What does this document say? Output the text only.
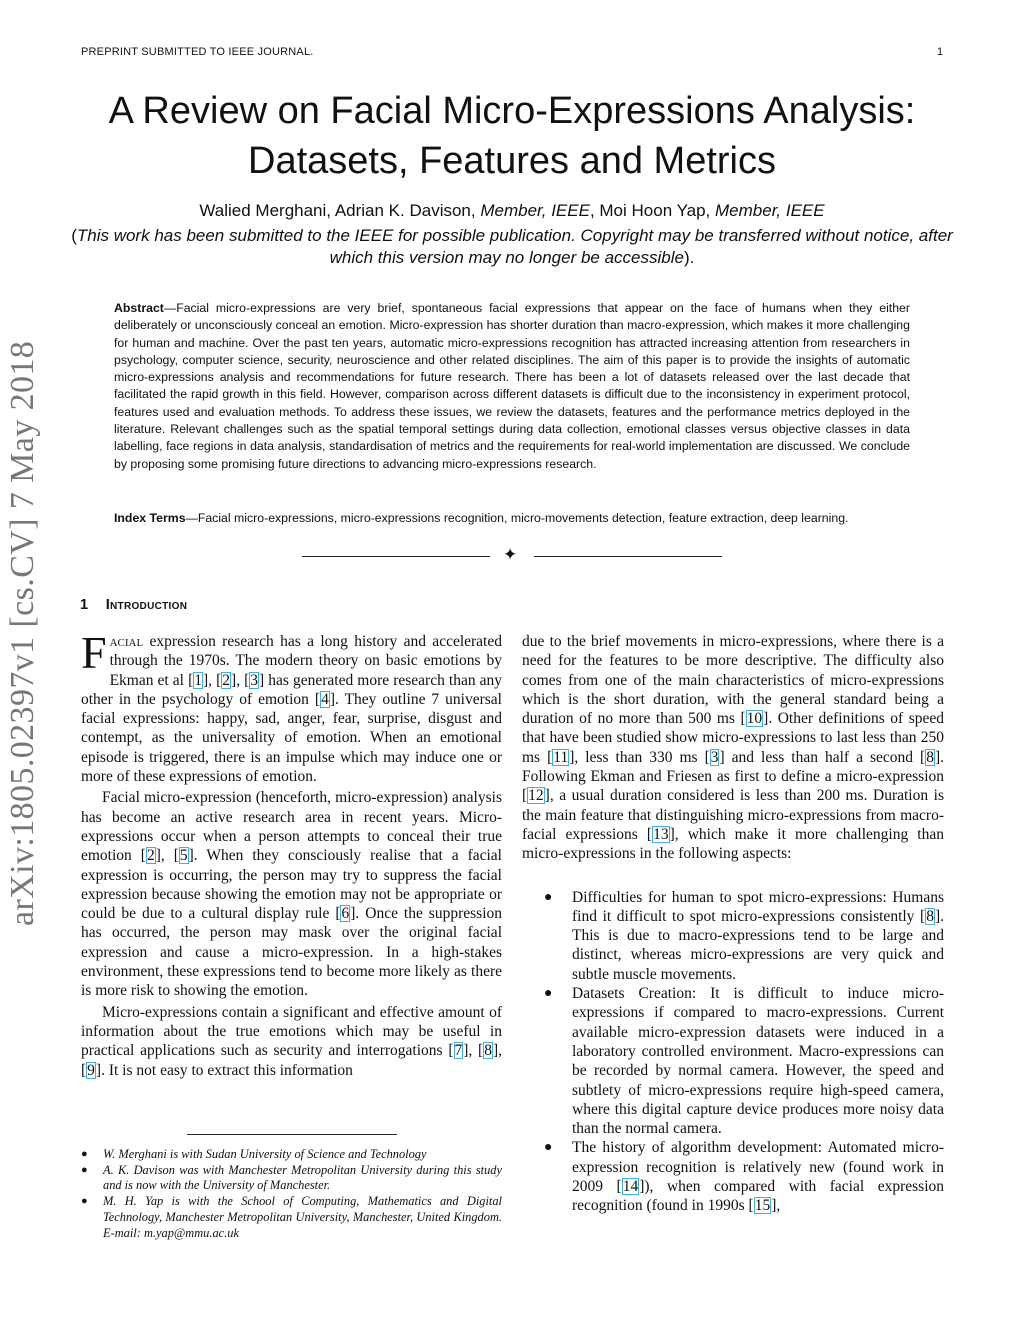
PREPRINT SUBMITTED TO IEEE JOURNAL.	1
A Review on Facial Micro-Expressions Analysis: Datasets, Features and Metrics
Walied Merghani, Adrian K. Davison, Member, IEEE, Moi Hoon Yap, Member, IEEE
(This work has been submitted to the IEEE for possible publication. Copyright may be transferred without notice, after which this version may no longer be accessible).
Abstract—Facial micro-expressions are very brief, spontaneous facial expressions that appear on the face of humans when they either deliberately or unconsciously conceal an emotion. Micro-expression has shorter duration than macro-expression, which makes it more challenging for human and machine. Over the past ten years, automatic micro-expressions recognition has attracted increasing attention from researchers in psychology, computer science, security, neuroscience and other related disciplines. The aim of this paper is to provide the insights of automatic micro-expressions analysis and recommendations for future research. There has been a lot of datasets released over the last decade that facilitated the rapid growth in this field. However, comparison across different datasets is difficult due to the inconsistency in experiment protocol, features used and evaluation methods. To address these issues, we review the datasets, features and the performance metrics deployed in the literature. Relevant challenges such as the spatial temporal settings during data collection, emotional classes versus objective classes in data labelling, face regions in data analysis, standardisation of metrics and the requirements for real-world implementation are discussed. We conclude by proposing some promising future directions to advancing micro-expressions research.
Index Terms—Facial micro-expressions, micro-expressions recognition, micro-movements detection, feature extraction, deep learning.
✦
1 Introduction

Facial expression research has a long history and accelerated through the 1970s. The modern theory on basic emotions by Ekman et al [1], [2], [3] has generated more research than any other in the psychology of emotion [4]. They outline 7 universal facial expressions: happy, sad, anger, fear, surprise, disgust and contempt, as the universality of emotion. When an emotional episode is triggered, there is an impulse which may induce one or more of these expressions of emotion.

Facial micro-expression (henceforth, micro-expression) analysis has become an active research area in recent years. Micro-expressions occur when a person attempts to conceal their true emotion [2], [5]. When they consciously realise that a facial expression is occurring, the person may try to suppress the facial expression because showing the emotion may not be appropriate or could be due to a cultural display rule [6]. Once the suppression has occurred, the person may mask over the original facial expression and cause a micro-expression. In a high-stakes environment, these expressions tend to become more likely as there is more risk to showing the emotion.

Micro-expressions contain a significant and effective amount of information about the true emotions which may be useful in practical applications such as security and interrogations [7], [8], [9]. It is not easy to extract this information

due to the brief movements in micro-expressions, where there is a need for the features to be more descriptive. The difficulty also comes from one of the main characteristics of micro-expressions which is the short duration, with the general standard being a duration of no more than 500 ms [10]. Other definitions of speed that have been studied show micro-expressions to last less than 250 ms [11], less than 330 ms [3] and less than half a second [8]. Following Ekman and Friesen as first to define a micro-expression [12], a usual duration considered is less than 200 ms. Duration is the main feature that distinguishing micro-expressions from macro-facial expressions [13], which make it more challenging than micro-expressions in the following aspects:

● Difficulties for human to spot micro-expressions: Humans find it difficult to spot micro-expressions consistently [8]. This is due to macro-expressions tend to be large and distinct, whereas micro-expressions are very quick and subtle muscle movements.
● Datasets Creation: It is difficult to induce micro-expressions if compared to macro-expressions. Current available micro-expression datasets were induced in a laboratory controlled environment. Macro-expressions can be recorded by normal camera. However, the speed and subtlety of micro-expressions require high-speed camera, where this digital capture device produces more noisy data than the normal camera.
● The history of algorithm development: Automated micro-expression recognition is relatively new (found work in 2009 [14]), when compared with facial expression recognition (found in 1990s [15],
● W. Merghani is with Sudan University of Science and Technology
● A. K. Davison was with Manchester Metropolitan University during this study and is now with the University of Manchester.
● M. H. Yap is with the School of Computing, Mathematics and Digital Technology, Manchester Metropolitan University, Manchester, United Kingdom. E-mail: m.yap@mmu.ac.uk
arXiv:1805.02397v1 [cs.CV] 7 May 2018
